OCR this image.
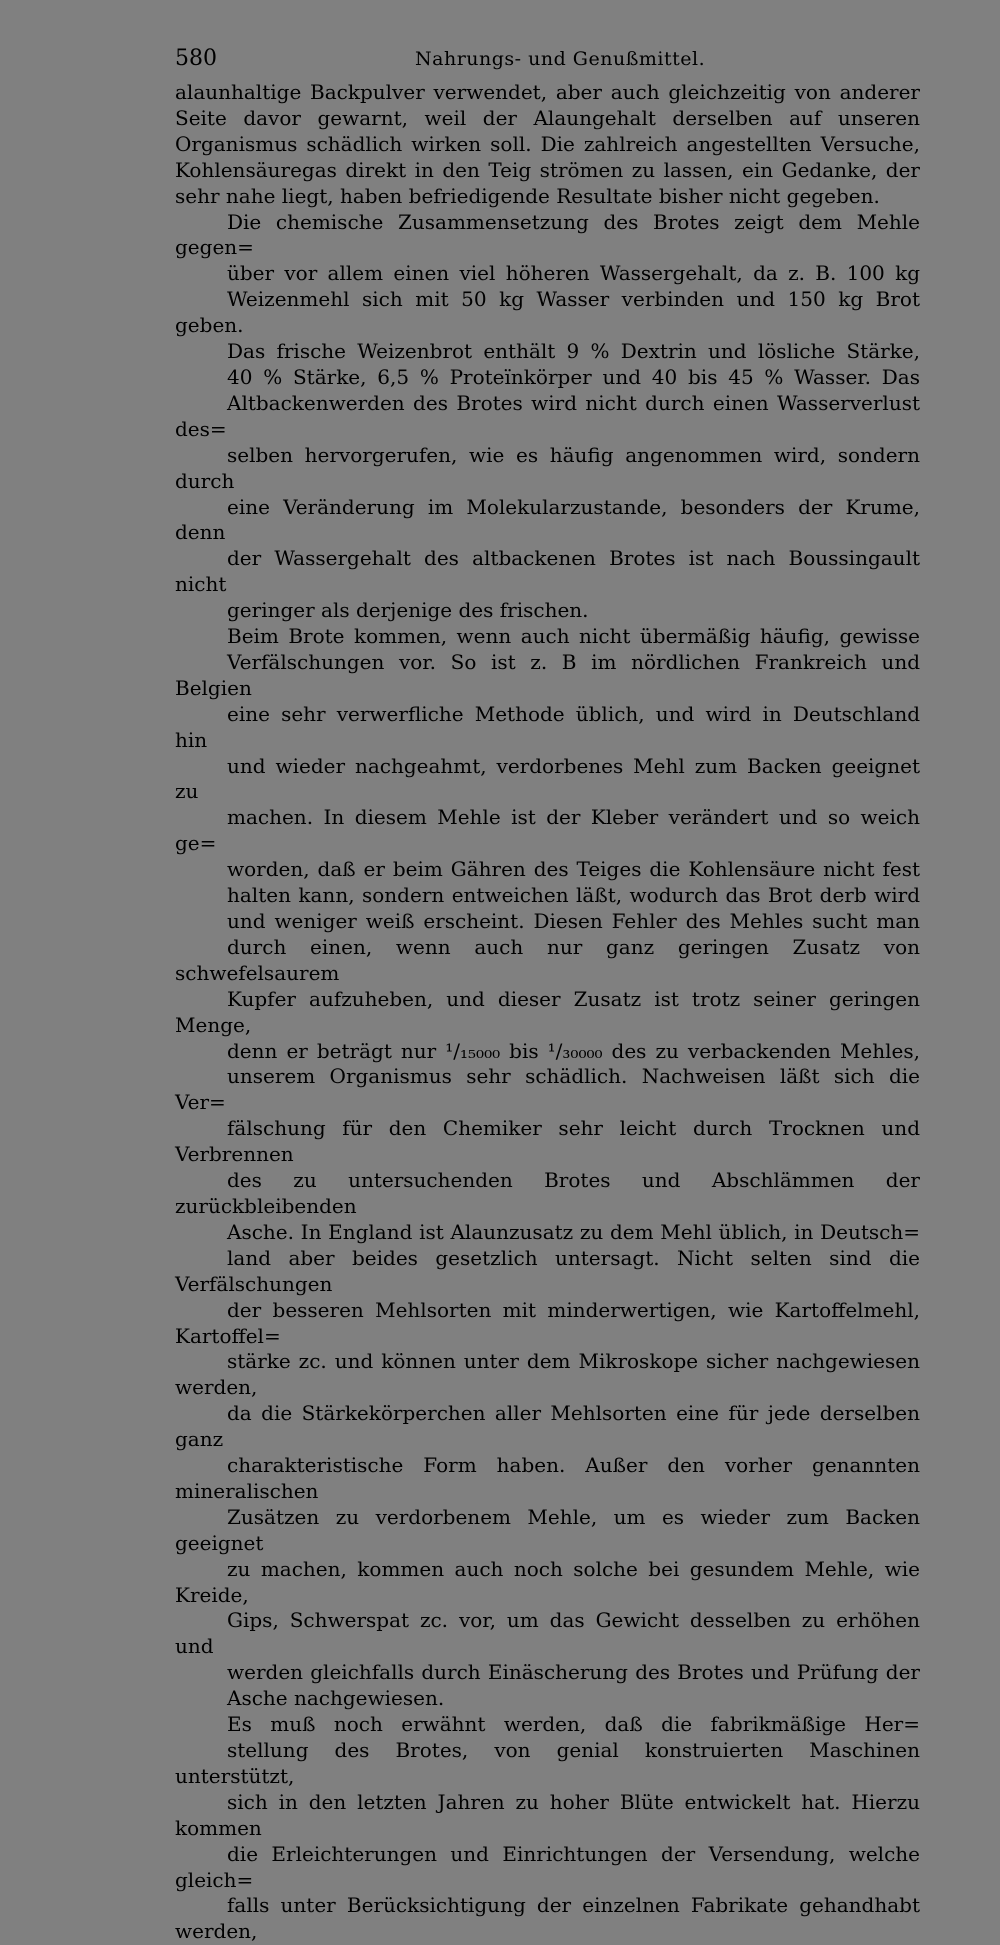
580	Nahrungs- und Genußmittel.

alaunhaltige Backpulver verwendet, aber auch gleichzeitig von anderer
Seite davor gewarnt, weil der Alaungehalt derselben auf unseren
Organismus schädlich wirken soll. Die zahlreich angestellten Versuche,
Kohlensäuregas direkt in den Teig strömen zu lassen, ein Gedanke, der
sehr nahe liegt, haben befriedigende Resultate bisher nicht gegeben.

Die chemische Zusammensetzung des Brotes zeigt dem Mehle gegen=
über vor allem einen viel höheren Wassergehalt, da z. B. 100 kg
Weizenmehl sich mit 50 kg Wasser verbinden und 150 kg Brot geben.
Das frische Weizenbrot enthält 9 % Dextrin und lösliche Stärke,
40 % Stärke, 6,5 % Proteïnkörper und 40 bis 45 % Wasser. Das
Altbackenwerden des Brotes wird nicht durch einen Wasserverlust des=
selben hervorgerufen, wie es häufig angenommen wird, sondern durch
eine Veränderung im Molekularzustande, besonders der Krume, denn
der Wassergehalt des altbackenen Brotes ist nach Boussingault nicht
geringer als derjenige des frischen.

Beim Brote kommen, wenn auch nicht übermäßig häufig, gewisse
Verfälschungen vor. So ist z. B im nördlichen Frankreich und Belgien
eine sehr verwerfliche Methode üblich, und wird in Deutschland hin
und wieder nachgeahmt, verdorbenes Mehl zum Backen geeignet zu
machen. In diesem Mehle ist der Kleber verändert und so weich ge=
worden, daß er beim Gähren des Teiges die Kohlensäure nicht fest
halten kann, sondern entweichen läßt, wodurch das Brot derb wird
und weniger weiß erscheint. Diesen Fehler des Mehles sucht man
durch einen, wenn auch nur ganz geringen Zusatz von schwefelsaurem
Kupfer aufzuheben, und dieser Zusatz ist trotz seiner geringen Menge,
denn er beträgt nur ¹/₁₅₀₀₀ bis ¹/₃₀₀₀₀ des zu verbackenden Mehles,
unserem Organismus sehr schädlich. Nachweisen läßt sich die Ver=
fälschung für den Chemiker sehr leicht durch Trocknen und Verbrennen
des zu untersuchenden Brotes und Abschlämmen der zurückbleibenden
Asche. In England ist Alaunzusatz zu dem Mehl üblich, in Deutsch=
land aber beides gesetzlich untersagt. Nicht selten sind die Verfälschungen
der besseren Mehlsorten mit minderwertigen, wie Kartoffelmehl, Kartoffel=
stärke zc. und können unter dem Mikroskope sicher nachgewiesen werden,
da die Stärkekörperchen aller Mehlsorten eine für jede derselben ganz
charakteristische Form haben. Außer den vorher genannten mineralischen
Zusätzen zu verdorbenem Mehle, um es wieder zum Backen geeignet
zu machen, kommen auch noch solche bei gesundem Mehle, wie Kreide,
Gips, Schwerspat zc. vor, um das Gewicht desselben zu erhöhen und
werden gleichfalls durch Einäscherung des Brotes und Prüfung der
Asche nachgewiesen.

Es muß noch erwähnt werden, daß die fabrikmäßige Her=
stellung des Brotes, von genial konstruierten Maschinen unterstützt,
sich in den letzten Jahren zu hoher Blüte entwickelt hat. Hierzu kommen
die Erleichterungen und Einrichtungen der Versendung, welche gleich=
falls unter Berücksichtigung der einzelnen Fabrikate gehandhabt werden,
